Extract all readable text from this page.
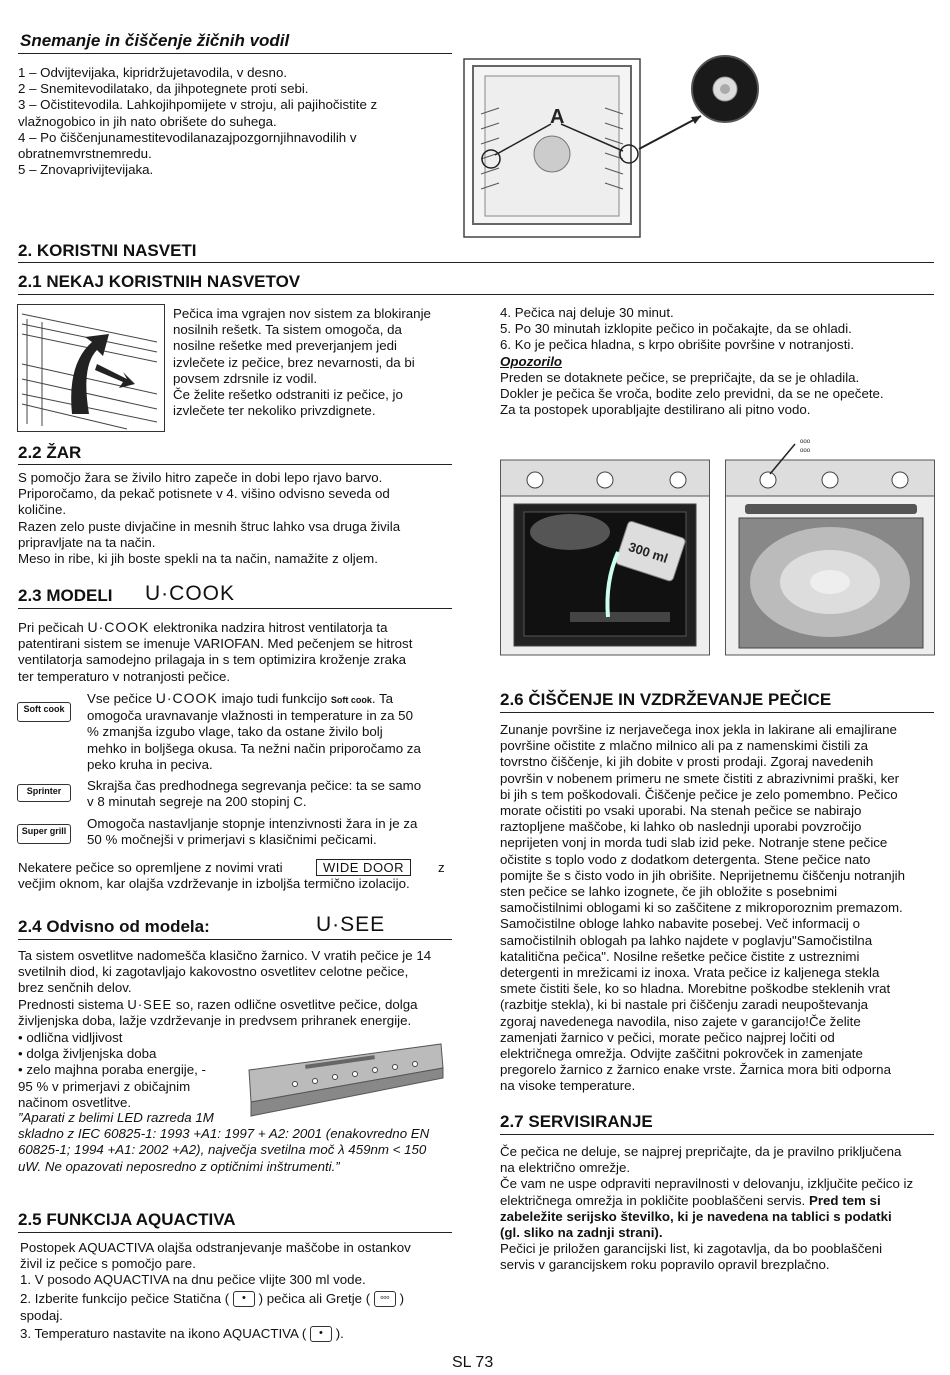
Snemanje in čiščenje žičnih vodil
1 – Odvijtevijaka, kipridržujetavodila, v desno.
2 – Snemitevodilatako, da jihpotegnete proti sebi.
3 – Očistitevodila. Lahkojihpomijete v stroju, ali pajihočistite z
vlažnogobico in jih nato obrišete do suhega.
4 – Po čiščenjunamestitevodilanazajpozgornjihnavodilih v
obratnemvrstnemredu.
5 – Znovaprivijtevijaka.
A
2. KORISTNI NASVETI
2.1 NEKAJ KORISTNIH NASVETOV
Pečica ima vgrajen nov sistem za blokiranje
nosilnih rešetk. Ta sistem omogoča, da
nosilne rešetke med preverjanjem jedi
izvlečete iz pečice, brez nevarnosti, da bi
povsem zdrsnile iz vodil.
Če želite rešetko odstraniti iz pečice, jo
izvlečete ter nekoliko privzdignete.
2.2 ŽAR
S pomočjo žara se živilo hitro zapeče in dobi lepo rjavo barvo.
Priporočamo, da pekač potisnete v 4. višino odvisno seveda od
količine.
Razen zelo puste divjačine in mesnih štruc lahko vsa druga živila
pripravljate na ta način.
Meso in ribe, ki jih boste spekli na ta način, namažite z oljem.
2.3 MODELI U·COOK
Pri pečicah U·COOK elektronika nadzira hitrost ventilatorja ta
patentirani sistem se imenuje VARIOFAN. Med pečenjem se hitrost
ventilatorja samodejno prilagaja in s tem optimizira kroženje zraka
ter temperaturo v notranjosti pečice.
Soft cook
Vse pečice U·COOK imajo tudi funkcijo Soft cook. Ta
omogoča uravnavanje vlažnosti in temperature in za 50
% zmanjša izgubo vlage, tako da ostane živilo bolj
mehko in boljšega okusa. Ta nežni način priporočamo za
peko kruha in peciva.
Sprinter	Skrajša čas predhodnega segrevanja pečice: ta se samo
v 8 minutah segreje na 200 stopinj C.
Super grill	Omogoča nastavljanje stopnje intenzivnosti žara in je za
50 % močnejši v primerjavi s klasičnimi pečicami.
Nekatere pečice so opremljene z novimi vrati	WIDE DOOR	z
večjim oknom, kar olajša vzdrževanje in izboljša termično izolacijo.
2.4 Odvisno od modela:	U·SEE
Ta sistem osvetlitve nadomešča klasično žarnico. V vratih pečice je 14
svetilnih diod, ki zagotavljajo kakovostno osvetlitev celotne pečice,
brez senčnih delov.
Prednosti sistema U·SEE so, razen odlične osvetlitve pečice, dolga
življenjska doba, lažje vzdrževanje in predvsem prihranek energije.
• odlična vidljivost
• dolga življenjska doba
• zelo majhna poraba energije, -
95 % v primerjavi z običajnim
načinom osvetlitve.
”Aparati z belimi LED razreda 1M
skladno z IEC 60825-1: 1993 +A1: 1997 + A2: 2001 (enakovredno EN
60825-1; 1994 +A1: 2002 +A2), največja svetilna moč λ 459nm < 150
uW. Ne opazovati neposredno z optičnimi inštrumenti.”
2.5 FUNKCIJA AQUACTIVA
Postopek AQUACTIVA olajša odstranjevanje maščobe in ostankov
živil iz pečice s pomočjo pare.
1. V posodo AQUACTIVA na dnu pečice vlijte 300 ml vode.
2. Izberite funkcijo pečice Statična ( • ) pečica ali Gretje ( ᵒᵒᵒ )
spodaj.
3. Temperaturo nastavite na ikono AQUACTIVA ( • ).
4. Pečica naj deluje 30 minut.
5. Po 30 minutah izklopite pečico in počakajte, da se ohladi.
6. Ko je pečica hladna, s krpo obrišite površine v notranjosti.
Opozorilo
Preden se dotaknete pečice, se prepričajte, da se je ohladila.
Dokler je pečica še vroča, bodite zelo previdni, da se ne opečete.
Za ta postopek uporabljajte destilirano ali pitno vodo.
300 ml
ᵒᵒᵒ
ᵒᵒᵒ
2.6 ČIŠČENJE IN VZDRŽEVANJE PEČICE
Zunanje površine iz nerjavečega inox jekla in lakirane ali emajlirane
površine očistite z mlačno milnico ali pa z namenskimi čistili za
tovrstno čiščenje, ki jih dobite v prosti prodaji. Zgoraj navedenih
površin v nobenem primeru ne smete čistiti z abrazivnimi praški, ker
bi jih s tem poškodovali. Čiščenje pečice je zelo pomembno. Pečico
morate očistiti po vsaki uporabi. Na stenah pečice se nabirajo
raztopljene maščobe, ki lahko ob naslednji uporabi povzročijo
neprijeten vonj in morda tudi slab izid peke. Notranje stene pečice
očistite s toplo vodo z dodatkom detergenta. Stene pečice nato
pomijte še s čisto vodo in jih obrišite. Neprijetnemu čiščenju notranjih
sten pečice se lahko izognete, če jih obložite s posebnimi
samočistilnimi oblogami ki so zaščitene z mikroporoznim premazom.
Samočistilne obloge lahko nabavite posebej. Več informacij o
samočistilnih oblogah pa lahko najdete v poglavju"Samočistilna
katalitična pečica". Nosilne rešetke pečice čistite z ustreznimi
detergenti in mrežicami iz inoxa. Vrata pečice iz kaljenega stekla
smete čistiti šele, ko so hladna. Morebitne poškodbe steklenih vrat
(razbitje stekla), ki bi nastale pri čiščenju zaradi neupoštevanja
zgoraj navedenega navodila, niso zajete v garancijo!Če želite
zamenjati žarnico v pečici, morate pečico najprej ločiti od
električnega omrežja. Odvijte zaščitni pokrovček in zamenjate
pregorelo žarnico z žarnico enake vrste. Žarnica mora biti odporna
na visoke temperature.
2.7 SERVISIRANJE
Če pečica ne deluje, se najprej prepričajte, da je pravilno priključena
na električno omrežje.
Če vam ne uspe odpraviti nepravilnosti v delovanju, izključite pečico iz
električnega omrežja in pokličite pooblaščeni servis. Pred tem si
zabeležite serijsko številko, ki je navedena na tablici s podatki
(gl. sliko na zadnji strani).
Pečici je priložen garancijski list, ki zagotavlja, da bo pooblaščeni
servis v garancijskem roku popravilo opravil brezplačno.
SL 73
